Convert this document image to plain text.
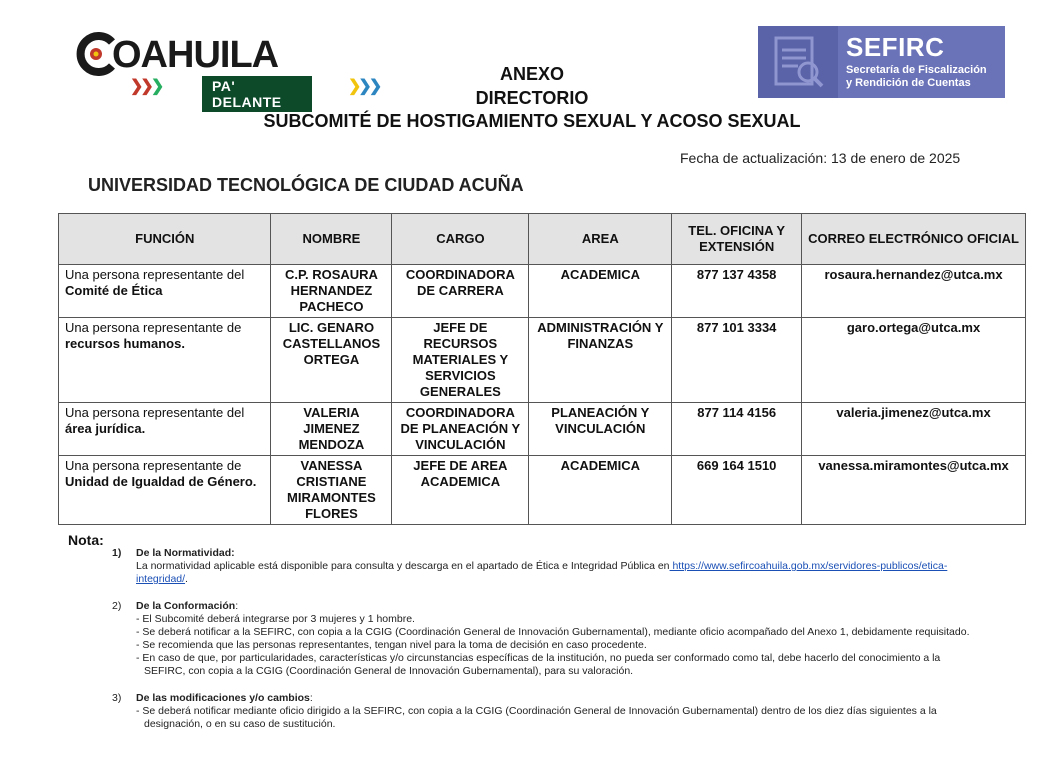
OAHUILA
❯❯❯	PA' DELANTE
❯❯❯
SEFIRC
Secretaría de Fiscalización
y Rendición de Cuentas
ANEXO
DIRECTORIO
SUBCOMITÉ DE HOSTIGAMIENTO SEXUAL Y ACOSO SEXUAL
Fecha de actualización: 13 de enero de 2025
UNIVERSIDAD TECNOLÓGICA DE CIUDAD ACUÑA
FUNCIÓN	NOMBRE	CARGO	AREA	TEL. OFICINA Y EXTENSIÓN	CORREO ELECTRÓNICO OFICIAL
Una persona representante del
Comité de Ética	C.P. ROSAURA HERNANDEZ PACHECO	COORDINADORA DE CARRERA	ACADEMICA	877 137 4358	rosaura.hernandez@utca.mx
Una persona representante de
recursos humanos.	LIC. GENARO CASTELLANOS ORTEGA	JEFE DE RECURSOS MATERIALES Y SERVICIOS GENERALES	ADMINISTRACIÓN Y FINANZAS	877 101 3334	garo.ortega@utca.mx
Una persona representante del
área jurídica.	VALERIA JIMENEZ MENDOZA	COORDINADORA DE PLANEACIÓN Y VINCULACIÓN	PLANEACIÓN Y VINCULACIÓN	877 114 4156	valeria.jimenez@utca.mx
Una persona representante de
Unidad de Igualdad de Género.	VANESSA CRISTIANE MIRAMONTES FLORES	JEFE DE AREA ACADEMICA	ACADEMICA	669 164 1510	vanessa.miramontes@utca.mx
Nota:
1)	De la Normatividad:
La normatividad aplicable está disponible para consulta y descarga en el apartado de Ética e Integridad Pública en https://www.sefircoahuila.gob.mx/servidores-publicos/etica-integridad/.
2)	De la Conformación:
- El Subcomité deberá integrarse por 3 mujeres y 1 hombre.
- Se deberá notificar a la SEFIRC, con copia a la CGIG (Coordinación General de Innovación Gubernamental), mediante oficio acompañado del Anexo 1, debidamente requisitado.
- Se recomienda que las personas representantes, tengan nivel para la toma de decisión en caso procedente.
- En caso de que, por particularidades, características y/o circunstancias específicas de la institución, no pueda ser conformado como tal, debe hacerlo del conocimiento a la
SEFIRC, con copia a la CGIG (Coordinación General de Innovación Gubernamental), para su valoración.
3)	De las modificaciones y/o cambios:
- Se deberá notificar mediante oficio dirigido a la SEFIRC, con copia a la CGIG (Coordinación General de Innovación Gubernamental) dentro de los diez días siguientes a la
designación, o en su caso de sustitución.
